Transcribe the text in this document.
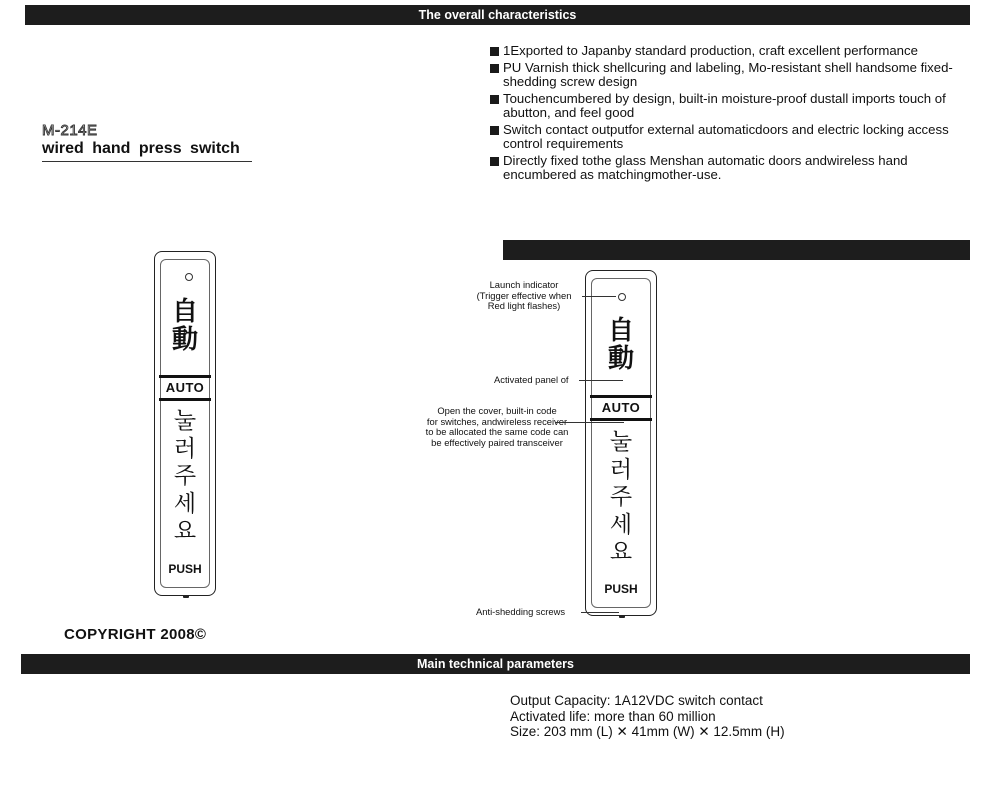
The overall characteristics
1Exported to Japanby standard production, craft excellent performance
PU Varnish thick shellcuring and labeling, Mo-resistant shell handsome fixed-shedding screw design
Touchencumbered by design, built-in moisture-proof dustall imports touch of abutton, and feel good
Switch contact outputfor external automaticdoors and electric locking access control requirements
Directly fixed tothe glass Menshan automatic doors andwireless hand encumbered as matchingmother-use.
M-214E
wired hand press switch
自
動
AUTO
눌
러
주
세
요
PUSH
自
動
AUTO
눌
러
주
세
요
PUSH
Launch indicator
(Trigger effective when
Red light flashes)
Activated panel of
Open the cover, built-in code
for switches, andwireless receiver
to be allocated the same code can
be effectively paired transceiver
Anti-shedding screws
COPYRIGHT 2008©
Main technical parameters
Output Capacity: 1A12VDC switch contact
Activated life: more than 60 million
Size: 203 mm (L) ✕ 41mm (W) ✕ 12.5mm (H)
